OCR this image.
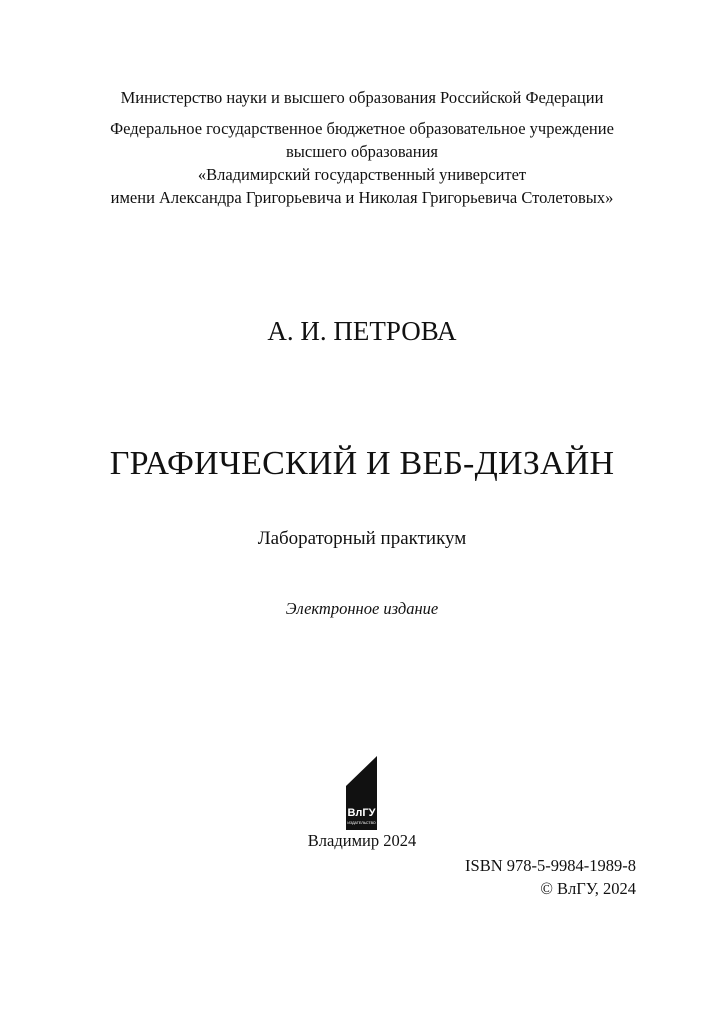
Министерство науки и высшего образования Российской Федерации
Федеральное государственное бюджетное образовательное учреждение
высшего образования
«Владимирский государственный университет
имени Александра Григорьевича и Николая Григорьевича Столетовых»
А. И. ПЕТРОВА
ГРАФИЧЕСКИЙ И ВЕБ-ДИЗАЙН
Лабораторный практикум
Электронное издание
ВлГУ
ИЗДАТЕЛЬСТВО
Владимир 2024
ISBN 978-5-9984-1989-8
© ВлГУ, 2024
